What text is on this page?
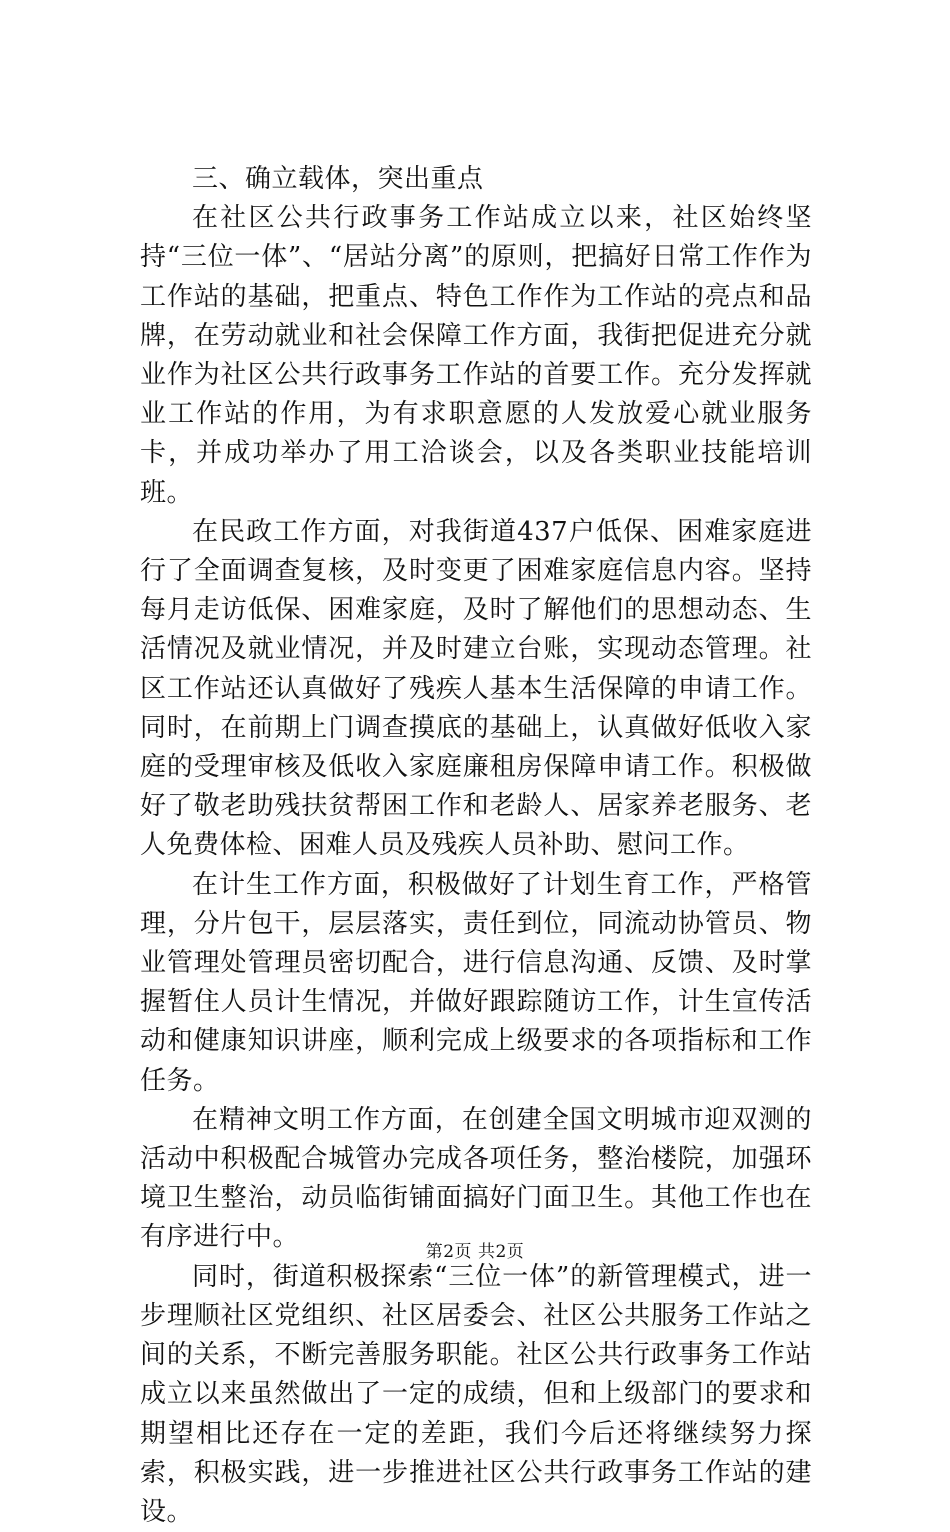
三、确立载体，突出重点

在社区公共行政事务工作站成立以来，社区始终坚持“三位一体”、“居站分离”的原则，把搞好日常工作作为工作站的基础，把重点、特色工作作为工作站的亮点和品牌，在劳动就业和社会保障工作方面，我街把促进充分就业作为社区公共行政事务工作站的首要工作。充分发挥就业工作站的作用，为有求职意愿的人发放爱心就业服务卡，并成功举办了用工洽谈会，以及各类职业技能培训班。

在民政工作方面，对我街道437户低保、困难家庭进行了全面调查复核，及时变更了困难家庭信息内容。坚持每月走访低保、困难家庭，及时了解他们的思想动态、生活情况及就业情况，并及时建立台账，实现动态管理。社区工作站还认真做好了残疾人基本生活保障的申请工作。同时，在前期上门调查摸底的基础上，认真做好低收入家庭的受理审核及低收入家庭廉租房保障申请工作。积极做好了敬老助残扶贫帮困工作和老龄人、居家养老服务、老人免费体检、困难人员及残疾人员补助、慰问工作。

在计生工作方面，积极做好了计划生育工作，严格管理，分片包干，层层落实，责任到位，同流动协管员、物业管理处管理员密切配合，进行信息沟通、反馈、及时掌握暂住人员计生情况，并做好跟踪随访工作，计生宣传活动和健康知识讲座，顺利完成上级要求的各项指标和工作任务。

在精神文明工作方面，在创建全国文明城市迎双测的活动中积极配合城管办完成各项任务，整治楼院，加强环境卫生整治，动员临街铺面搞好门面卫生。其他工作也在有序进行中。

同时，街道积极探索“三位一体”的新管理模式，进一步理顺社区党组织、社区居委会、社区公共服务工作站之间的关系，不断完善服务职能。社区公共行政事务工作站成立以来虽然做出了一定的成绩，但和上级部门的要求和期望相比还存在一定的差距，我们今后还将继续努力探索，积极实践，进一步推进社区公共行政事务工作站的建设。

第2页 共2页
